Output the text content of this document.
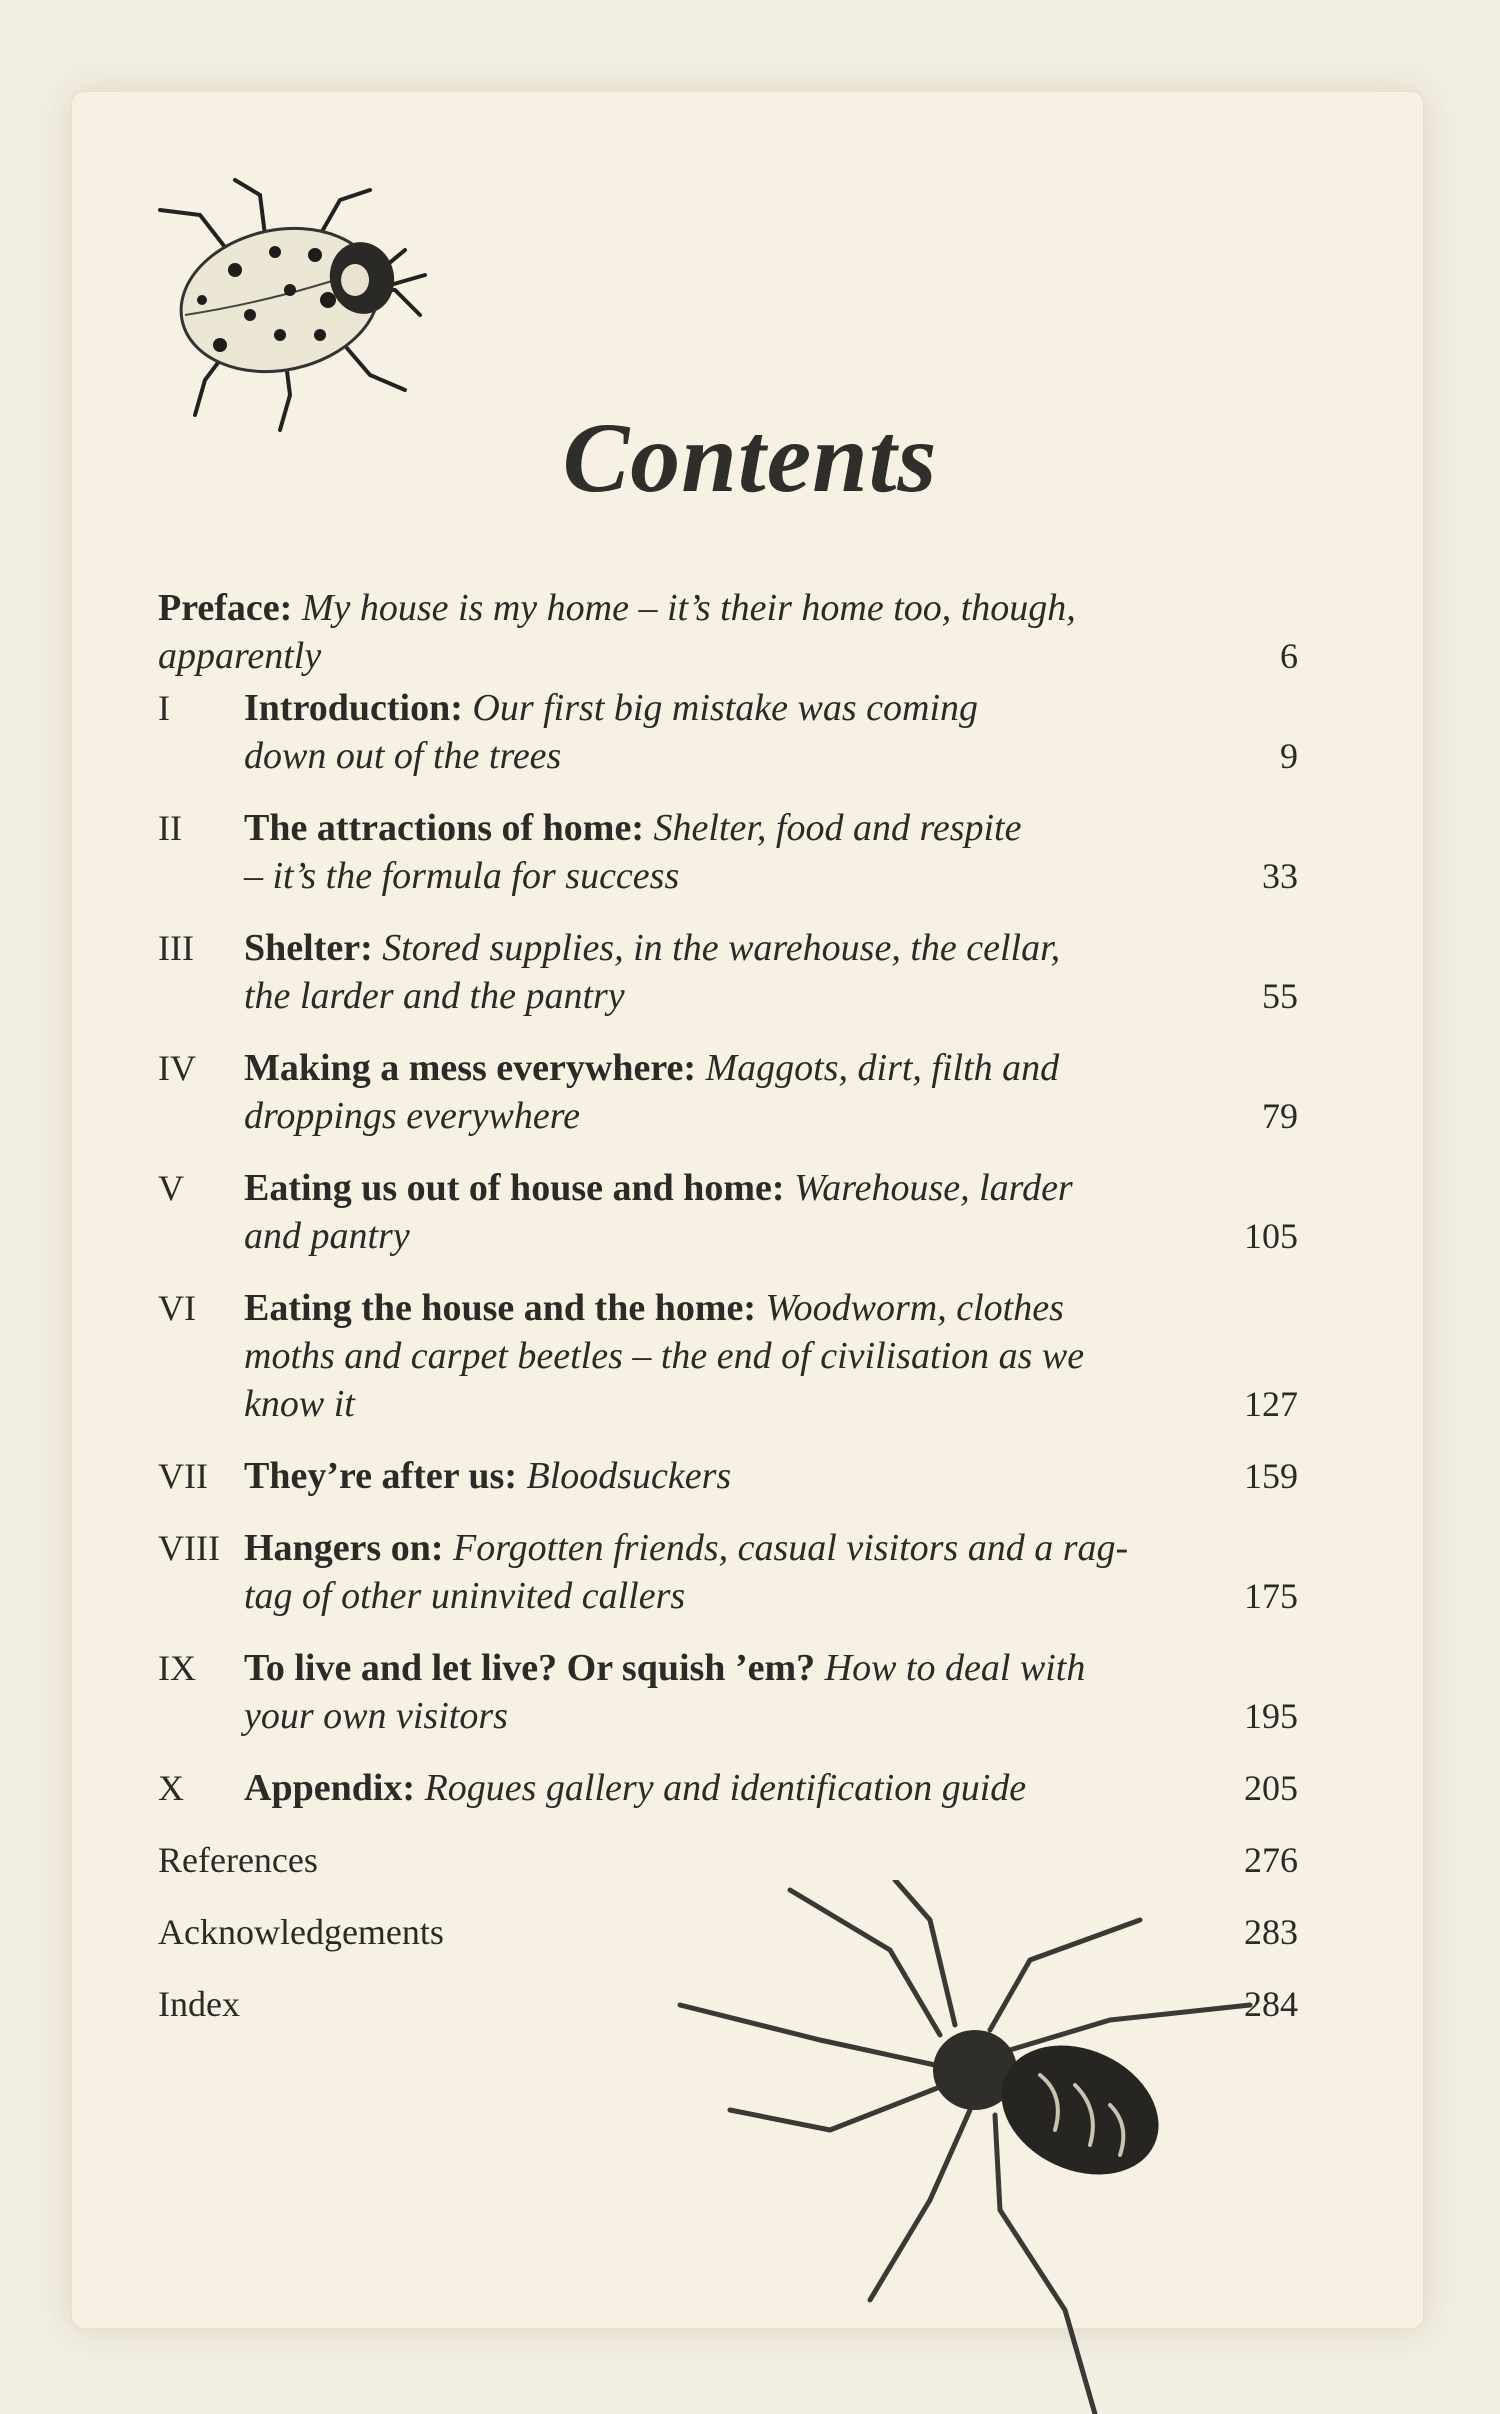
Contents
Preface: My house is my home – it’s their home too, though, apparently	6
I	Introduction: Our first big mistake was coming down out of the trees	9
II	The attractions of home: Shelter, food and respite – it’s the formula for success	33
III	Shelter: Stored supplies, in the warehouse, the cellar, the larder and the pantry	55
IV	Making a mess everywhere: Maggots, dirt, filth and droppings everywhere	79
V	Eating us out of house and home: Warehouse, larder and pantry	105
VI	Eating the house and the home: Woodworm, clothes moths and carpet beetles – the end of civilisation as we know it	127
VII They’re after us: Bloodsuckers	159
VIII Hangers on: Forgotten friends, casual visitors and a rag-tag of other uninvited callers	175
IX	To live and let live? Or squish ’em? How to deal with your own visitors	195
X	Appendix: Rogues gallery and identification guide	205
References	276
Acknowledgements	283
Index	284
